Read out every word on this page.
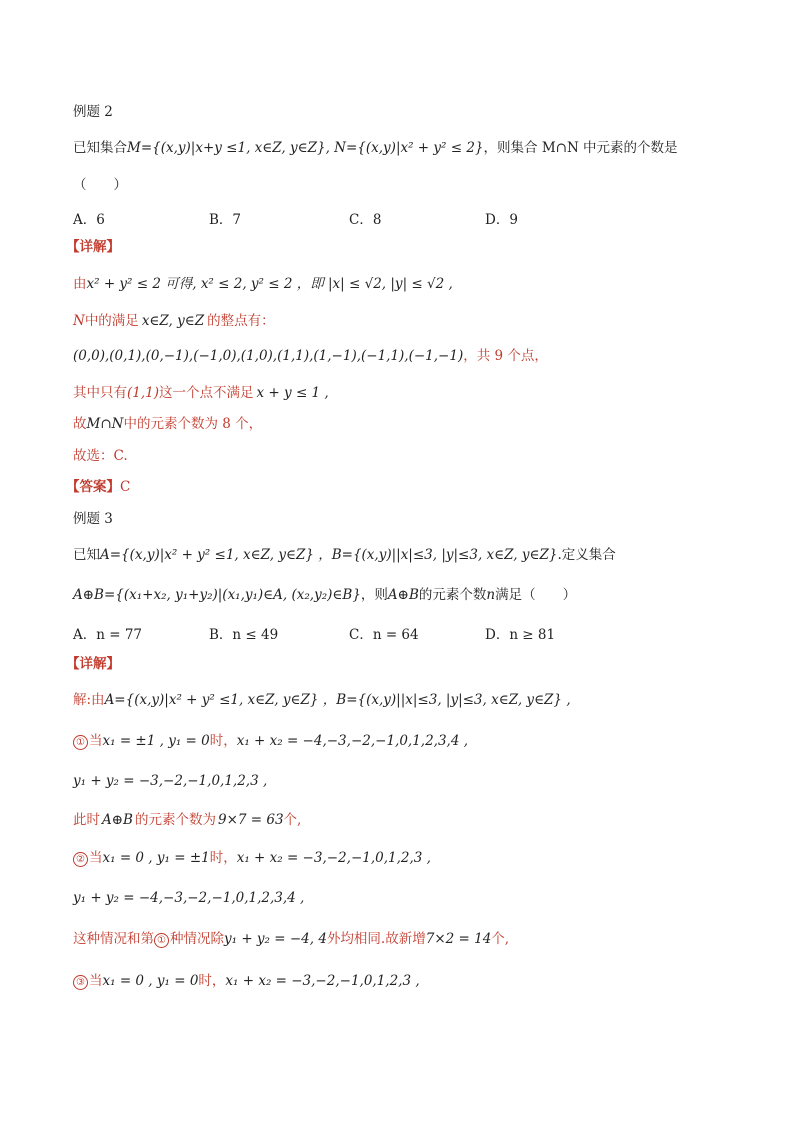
例题 2
已知集合M={(x,y)|x+y ≤1, x∈Z, y∈Z}, N={(x,y)|x² + y² ≤ 2}，则集合 M∩N 中元素的个数是
（　　）
A．6	B．7	C．8	D．9
【详解】
由x² + y² ≤ 2 可得, x² ≤ 2, y² ≤ 2 ，即 |x| ≤ √2, |y| ≤ √2 ,
N中的满足 x∈Z, y∈Z 的整点有：
(0,0),(0,1),(0,−1),(−1,0),(1,0),(1,1),(1,−1),(−1,1),(−1,−1)，共 9 个点，
其中只有(1,1)这一个点不满足 x + y ≤ 1 ,
故M∩N中的元素个数为 8 个，
故选：C.
【答案】C
例题 3
已知A={(x,y)|x² + y² ≤1, x∈Z, y∈Z} ，B={(x,y)||x|≤3, |y|≤3, x∈Z, y∈Z}.定义集合
A⊕B={(x₁+x₂, y₁+y₂)|(x₁,y₁)∈A, (x₂,y₂)∈B}，则A⊕B的元素个数n满足（　　）
A．n = 77	B．n ≤ 49	C．n = 64	D．n ≥ 81
【详解】
解:由A={(x,y)|x² + y² ≤1, x∈Z, y∈Z} ，B={(x,y)||x|≤3, |y|≤3, x∈Z, y∈Z} ,
① 当x₁ = ±1 , y₁ = 0时，x₁ + x₂ = −4,−3,−2,−1,0,1,2,3,4 ,
y₁ + y₂ = −3,−2,−1,0,1,2,3 ,
此时 A⊕B 的元素个数为 9×7 = 63个,
② 当x₁ = 0 , y₁ = ±1时，x₁ + x₂ = −3,−2,−1,0,1,2,3 ,
y₁ + y₂ = −4,−3,−2,−1,0,1,2,3,4 ,
这种情况和第 ① 种情况除y₁ + y₂ = −4, 4外均相同.故新增7×2 = 14个,
③ 当x₁ = 0 , y₁ = 0时，x₁ + x₂ = −3,−2,−1,0,1,2,3 ,
